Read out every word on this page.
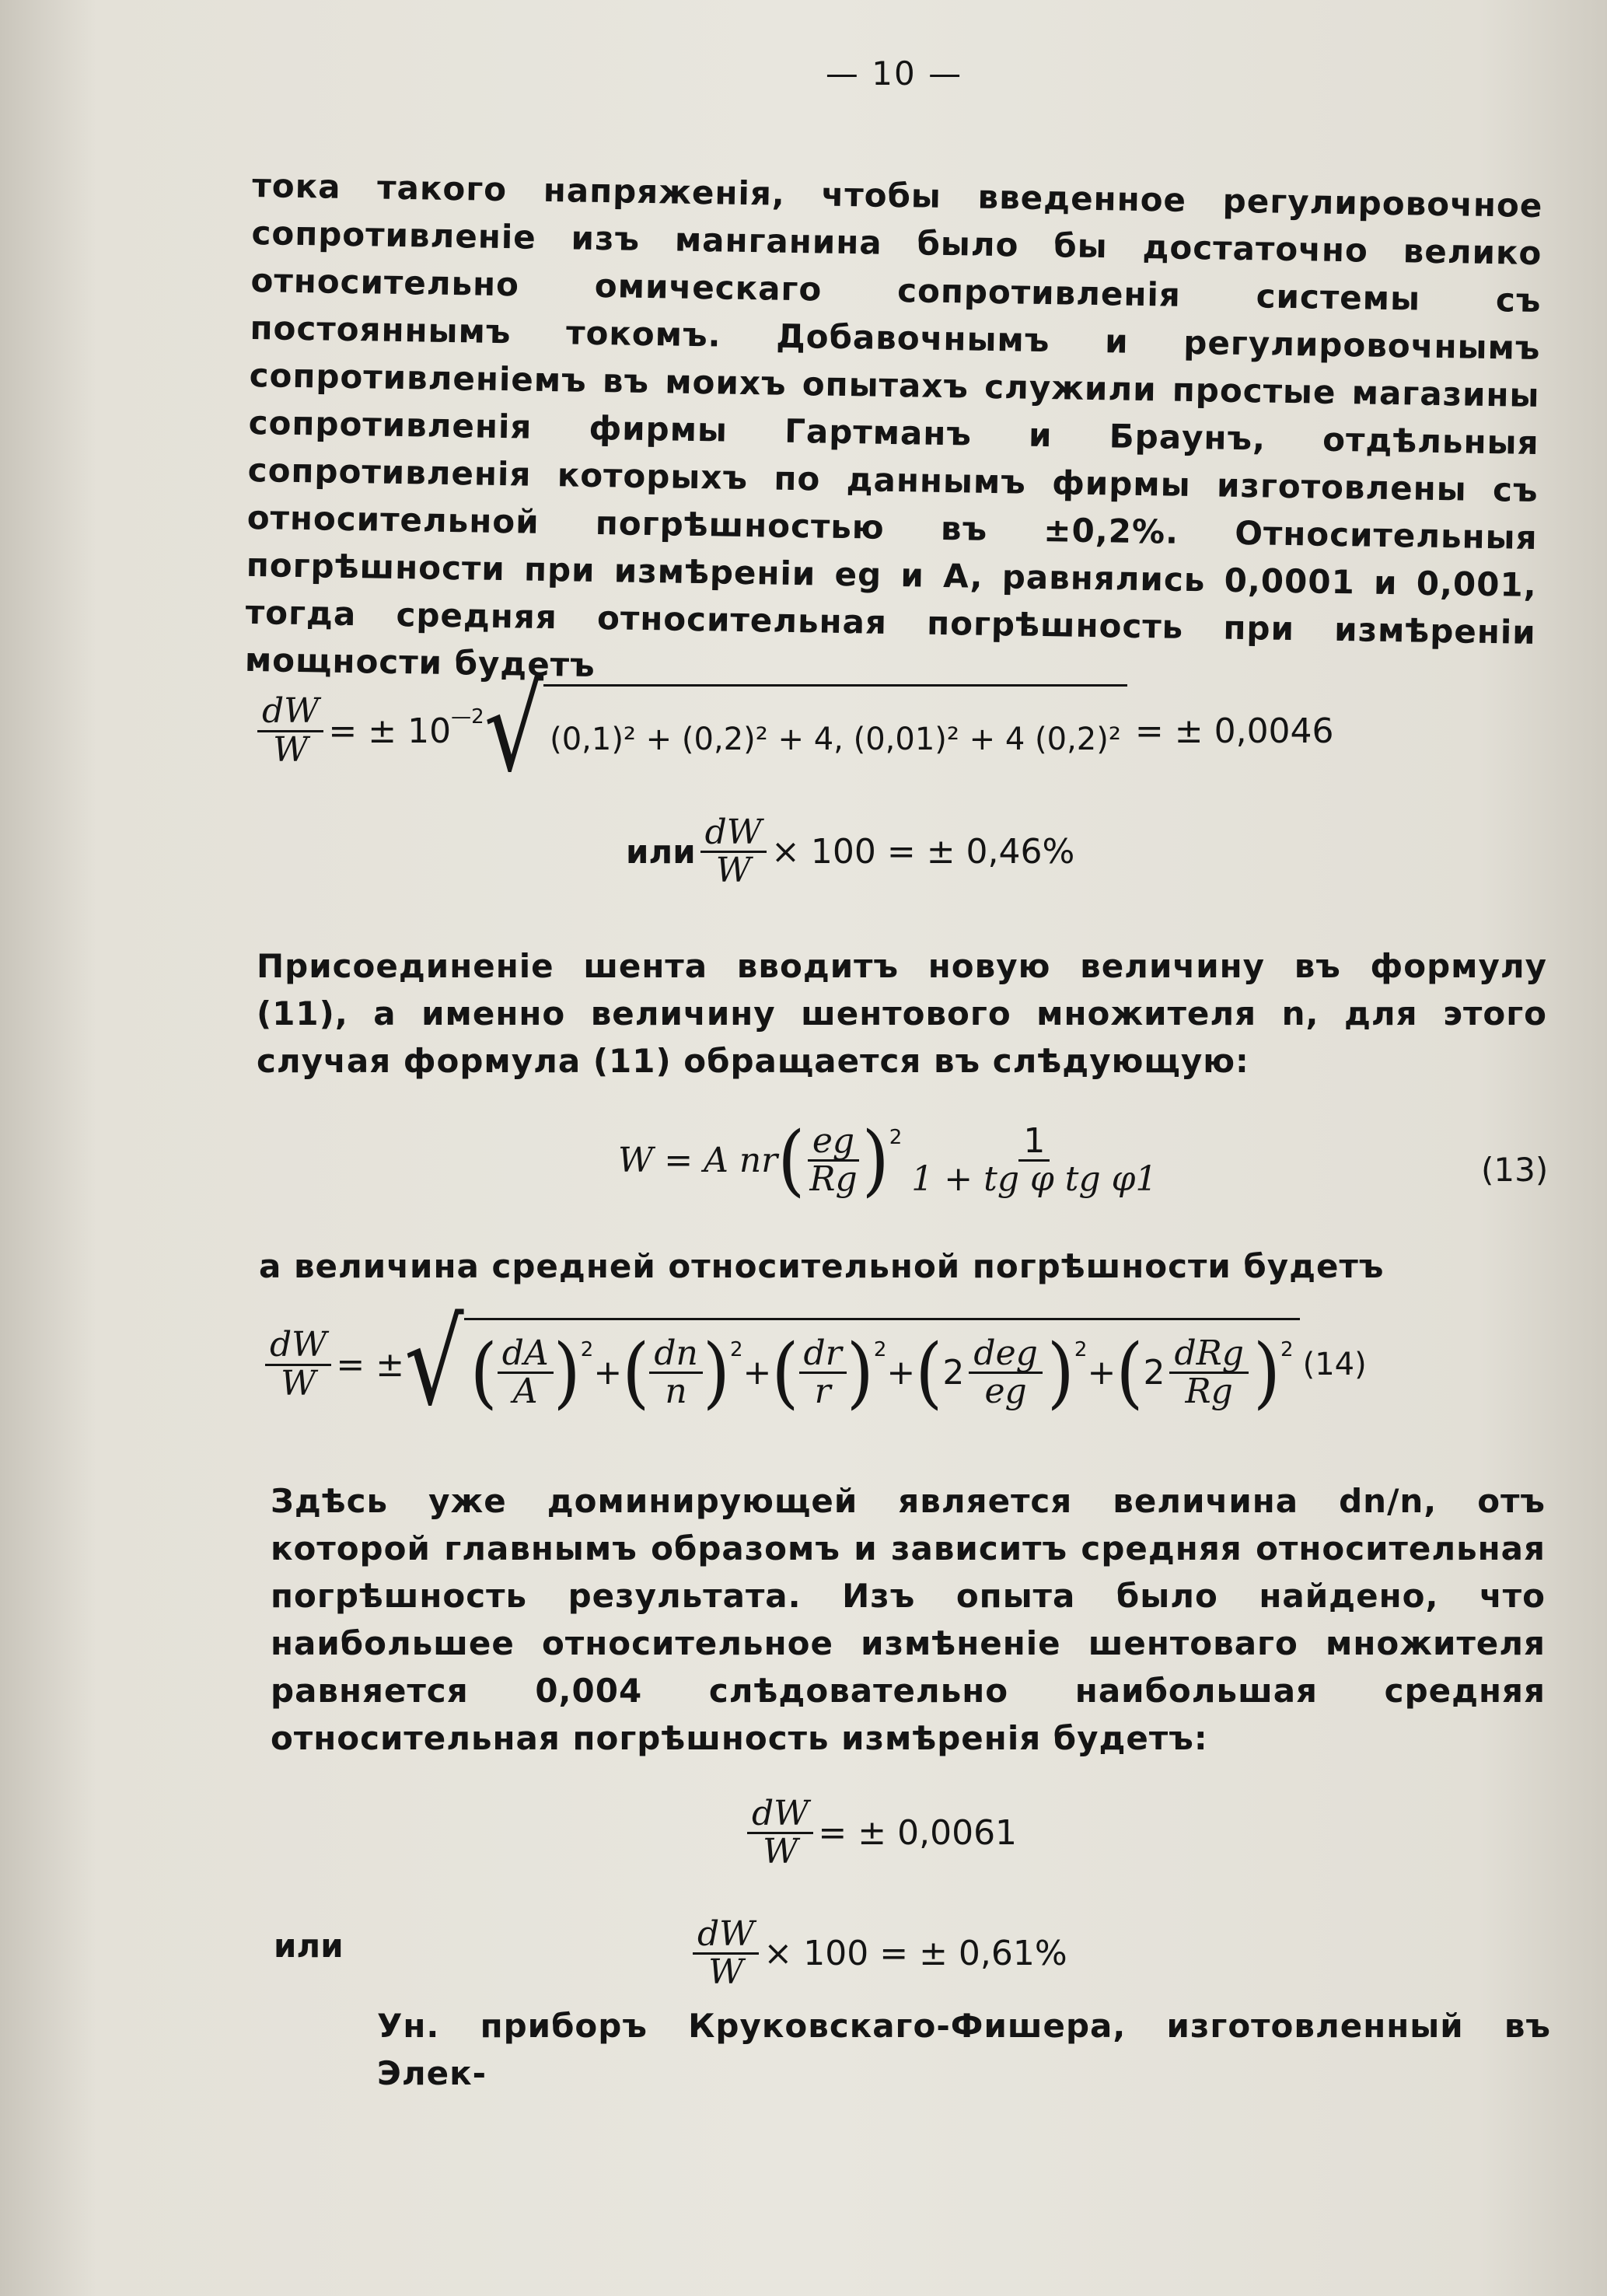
— 10 —

тока такого напряженія, чтобы введенное регулировочное сопротивленіе изъ манганина было бы достаточно велико относительно омическаго сопротивленія системы съ постояннымъ токомъ. Добавочнымъ и регулировочнымъ сопротивленіемъ въ моихъ опытахъ служили простые магазины сопротивленія фирмы Гартманъ и Браунъ, отдѣльныя сопротивленія которыхъ по даннымъ фирмы изготовлены съ относительной погрѣшностью въ ±0,2%. Относительныя погрѣшности при измѣреніи eg и A, равнялись 0,0001 и 0,001, тогда средняя относительная погрѣшность при измѣреніи мощности будетъ

$\frac{dW}{W}$ = ± $10^{—2}$ √ (0,1)² + (0,2)² + 4, (0,01)² + 4 (0,2)² = ± 0,0046
или $\frac{dW}{W} \times 100$ = ± 0,46%

Присоединеніе шента вводитъ новую величину въ формулу (11), а именно величину шентового множителя n, для этого случая формула (11) обращается въ слѣдующую:

W = A nr ( $\frac{eg}{Rg} )^2 \frac{1}{\text{1 + tg φ tg φ1}}$	(13)

а величина средней относительной погрѣшности будетъ

$\frac{dW}{W}$ = ± √ ( $\frac{dA}{A} )^2$
+ ( $\frac{dn}{n} )^2$
+ ( $\frac{dr}{r} )^2$
+ ( $2 \frac{\text{deg}}{eg} )^2$
+ ( $2 \frac{\text{dRg}}{Rg} )^2$ (14)

Здѣсь уже доминирующей является величина dn/n, отъ которой главнымъ образомъ и зависитъ средняя относительная погрѣшность результата. Изъ опыта было найдено, что наибольшее относительное измѣненіе шентоваго множителя равняется 0,004 слѣдовательно наибольшая средняя относительная погрѣшность измѣренія будетъ:

$\frac{dW}{W}$ = ± 0,0061
или	$\frac{dW}{W} \times 100$ = ± 0,61%

Ун. приборъ Круковскаго-Фишера, изготовленный въ Элек-
